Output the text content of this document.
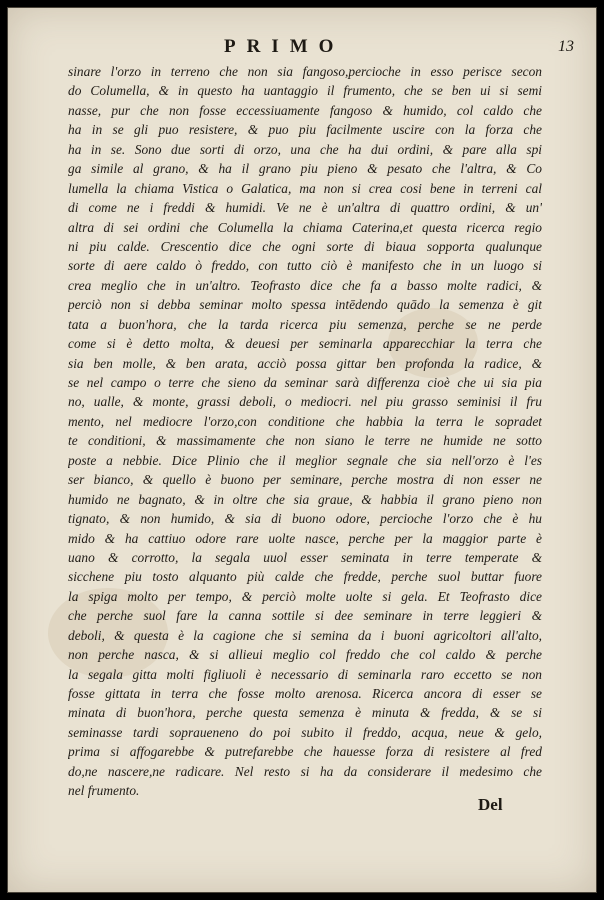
PRIMO	13
sinare l'orzo in terreno che non sia fangoso,percioche in esso perisce secon
do Columella, & in questo ha uantaggio il frumento, che se ben ui si semi
nasse, pur che non fosse eccessiuamente fangoso & humido, col caldo che
ha in se gli puo resistere, & puo piu facilmente uscire con la forza che
ha in se. Sono due sorti di orzo, una che ha dui ordini, & pare alla spi
ga simile al grano, & ha il grano piu pieno & pesato che l'altra, & Co
lumella la chiama Vistica o Galatica, ma non si crea cosi bene in terreni cal
di come ne i freddi & humidi. Ve ne è un'altra di quattro ordini, & un'
altra di sei ordini che Columella la chiama Caterina,et questa ricerca regio
ni piu calde. Crescentio dice che ogni sorte di biaua sopporta qualunque
sorte di aere caldo ò freddo, con tutto ciò è manifesto che in un luogo si
crea meglio che in un'altro. Teofrasto dice che fa a basso molte radici, &
perciò non si debba seminar molto spessa intēdendo quādo la semenza è git
tata a buon'hora, che la tarda ricerca piu semenza, perche se ne perde
come si è detto molta, & deuesi per seminarla apparecchiar la terra che
sia ben molle, & ben arata, acciò possa gittar ben profonda la radice, &
se nel campo o terre che sieno da seminar sarà differenza cioè che ui sia pia
no, ualle, & monte, grassi deboli, o mediocri. nel piu grasso seminisi il fru
mento, nel mediocre l'orzo,con conditione che habbia la terra le sopradet
te conditioni, & massimamente che non siano le terre ne humide ne sotto
poste a nebbie. Dice Plinio che il meglior segnale che sia nell'orzo è l'es
ser bianco, & quello è buono per seminare, perche mostra di non esser ne
humido ne bagnato, & in oltre che sia graue, & habbia il grano pieno non
tignato, & non humido, & sia di buono odore, percioche l'orzo che è hu
mido & ha cattiuo odore rare uolte nasce, perche per la maggior parte è
uano & corrotto, la segala uuol esser seminata in terre temperate &
sicchene piu tosto alquanto più calde che fredde, perche suol buttar fuore
la spiga molto per tempo, & perciò molte uolte si gela. Et Teofrasto dice
che perche suol fare la canna sottile si dee seminare in terre leggieri &
deboli, & questa è la cagione che si semina da i buoni agricoltori all'alto,
non perche nasca, & si allieui meglio col freddo che col caldo & perche
la segala gitta molti figliuoli è necessario di seminarla raro eccetto se non
fosse gittata in terra che fosse molto arenosa. Ricerca ancora di esser se
minata di buon'hora, perche questa semenza è minuta & fredda, & se si
seminasse tardi sopraueneno do poi subito il freddo, acqua, neue & gelo,
prima si affogarebbe & putrefarebbe che hauesse forza di resistere al fred
do,ne nascere,ne radicare. Nel resto si ha da considerare il medesimo che
nel frumento.
Del
